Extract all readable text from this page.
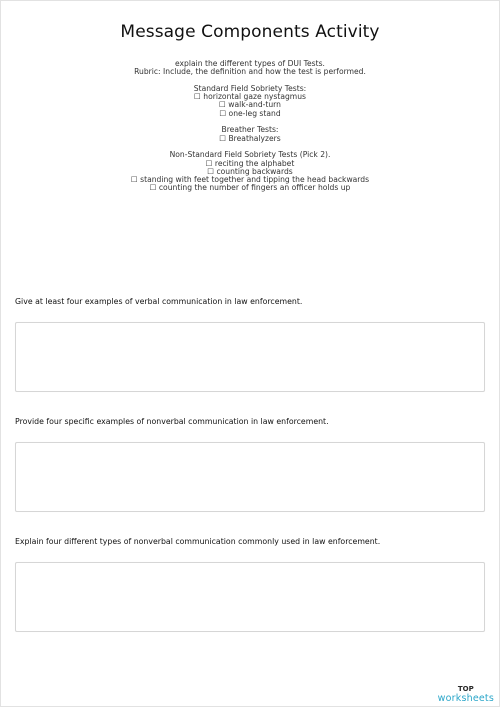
Message Components Activity
explain the different types of DUI Tests.
Rubric: Include, the definition and how the test is performed.
Standard Field Sobriety Tests:
☐ horizontal gaze nystagmus
☐ walk-and-turn
☐ one-leg stand
Breather Tests:
☐ Breathalyzers
Non-Standard Field Sobriety Tests (Pick 2).
☐ reciting the alphabet
☐ counting backwards
☐ standing with feet together and tipping the head backwards
☐ counting the number of fingers an officer holds up
Give at least four examples of verbal communication in law enforcement.
Provide four specific examples of nonverbal communication in law enforcement.
Explain four different types of nonverbal communication commonly used in law enforcement.
TOP
worksheets
